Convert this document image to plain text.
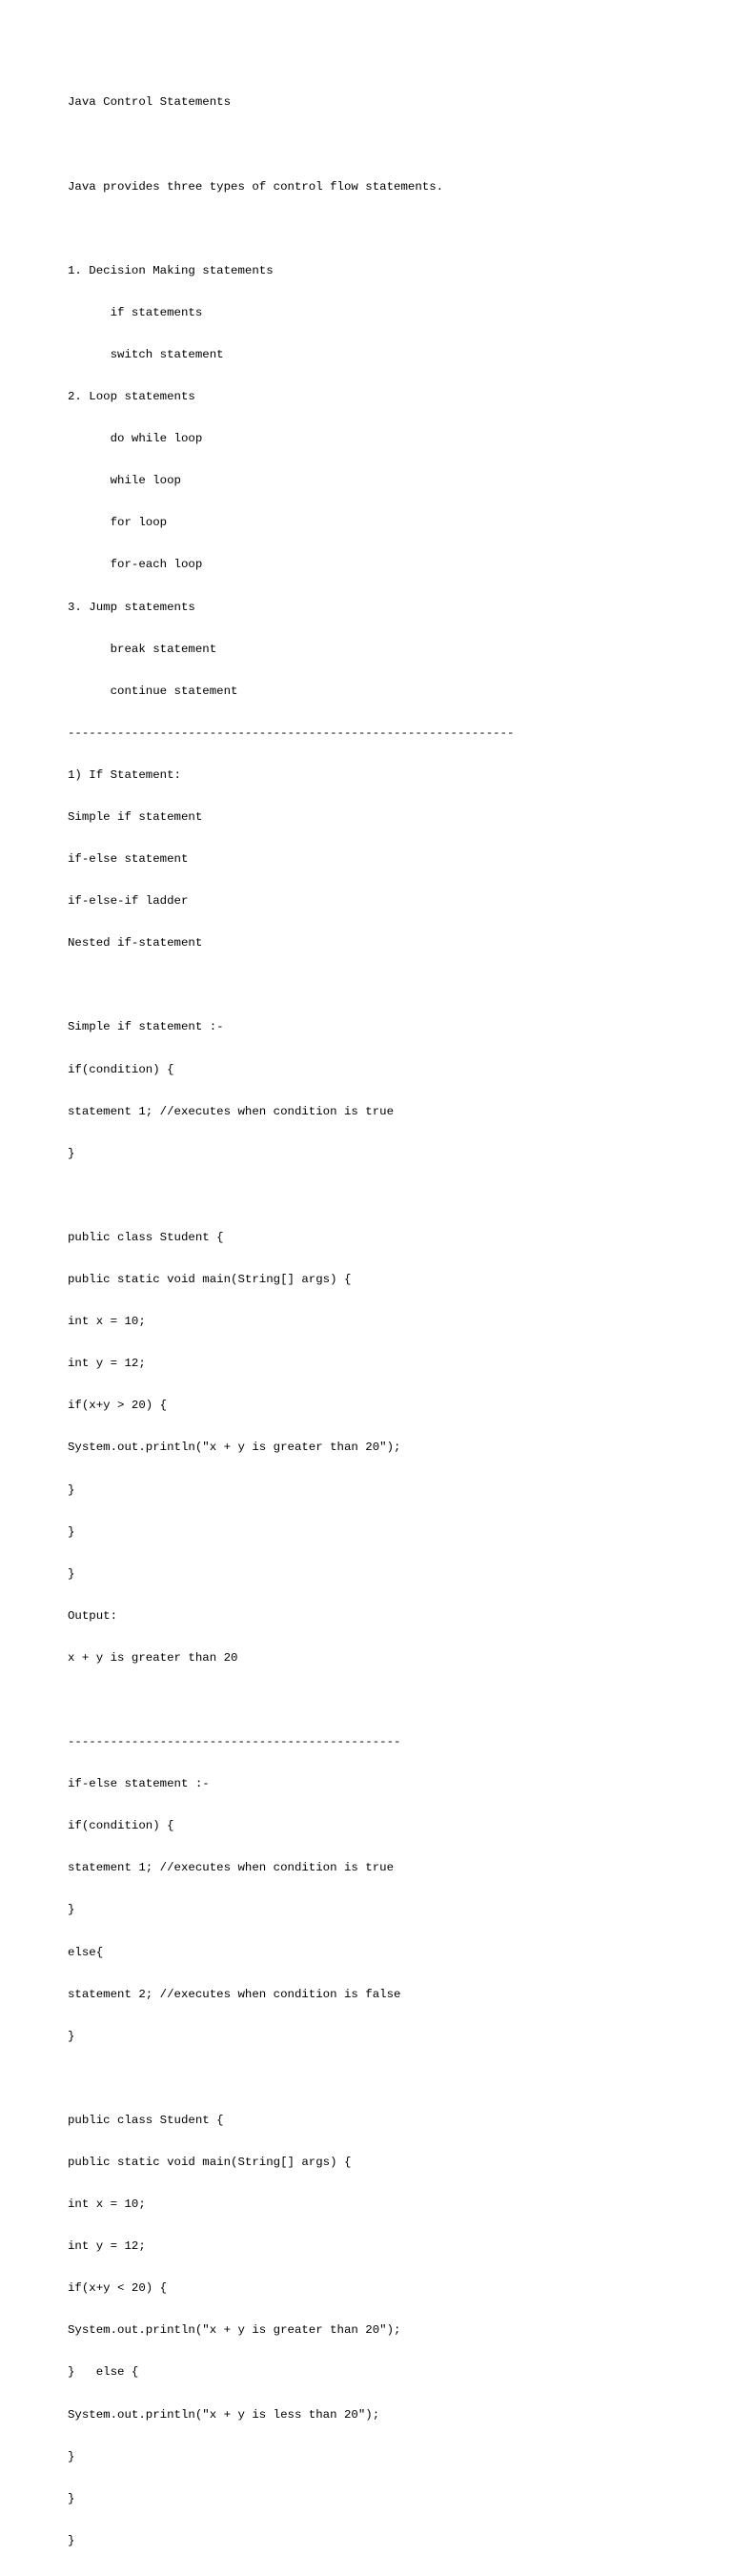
Java Control Statements

Java provides three types of control flow statements.

1. Decision Making statements

if statements

switch statement

2. Loop statements

do while loop

while loop

for loop

for-each loop

3. Jump statements

break statement

continue statement

---------------------------------------------------------------

1) If Statement:

Simple if statement

if-else statement

if-else-if ladder

Nested if-statement

Simple if statement :-

if(condition) {

statement 1; //executes when condition is true

}

public class Student {

public static void main(String[] args) {

int x = 10;

int y = 12;

if(x+y > 20) {

System.out.println("x + y is greater than 20");

}

}

}

Output:

x + y is greater than 20

-----------------------------------------------

if-else statement :-

if(condition) {

statement 1; //executes when condition is true

}

else{

statement 2; //executes when condition is false

}

public class Student {

public static void main(String[] args) {

int x = 10;

int y = 12;

if(x+y < 20) {

System.out.println("x + y is greater than 20");

}   else {

System.out.println("x + y is less than 20");

}

}

}
